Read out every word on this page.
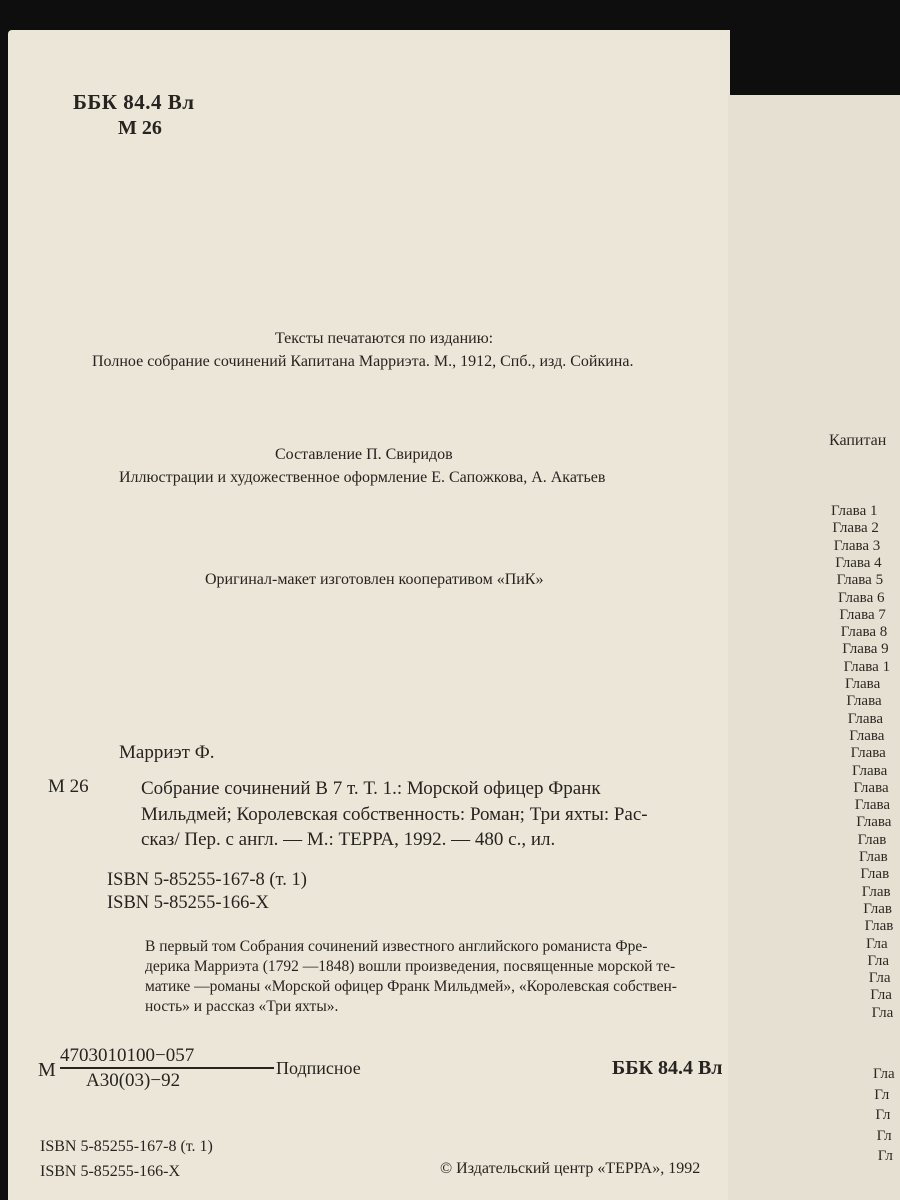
ББК 84.4 Вл

М 26

Тексты печатаются по изданию:

Полное собрание сочинений Капитана Марриэта. М., 1912, Спб., изд. Сойкина.

Составление П. Свиридов

Иллюстрации и художественное оформление Е. Сапожкова, А. Акатьев

Оригинал-макет изготовлен кооперативом «ПиК»

Марриэт Ф.

М 26	Собрание сочинений В 7 т. Т. 1.: Морской офицер Франк
Мильдмей; Королевская собственность: Роман; Три яхты: Рас-
сказ/ Пер. с англ. — М.: ТЕРРА, 1992. — 480 с., ил.

ISBN 5-85255-167-8 (т. 1)

ISBN 5-85255-166-X

В первый том Собрания сочинений известного английского романиста Фре-
дерика Марриэта (1792 —1848) вошли произведения, посвященные морской те-
матике —романы «Морской офицер Франк Мильдмей», «Королевская собствен-
ность» и рассказ «Три яхты».
М
4703010100−057
А30(03)−92
Подписное	ББК 84.4 Вл

ISBN 5-85255-167-8 (т. 1)

ISBN 5-85255-166-X	© Издательский центр «ТЕРРА», 1992

Капитан

Глава 1

Глава 2

Глава 3

Глава 4

Глава 5

Глава 6

Глава 7

Глава 8

Глава 9

Глава 1

Глава

Глава

Глава

Глава

Глава

Глава

Глава

Глава

Глава

Глав

Глав

Глав

Глав

Глав

Глав

Гла

Гла

Гла

Гла

Гла

Гла

Гл

Гл

Гл

Гл
